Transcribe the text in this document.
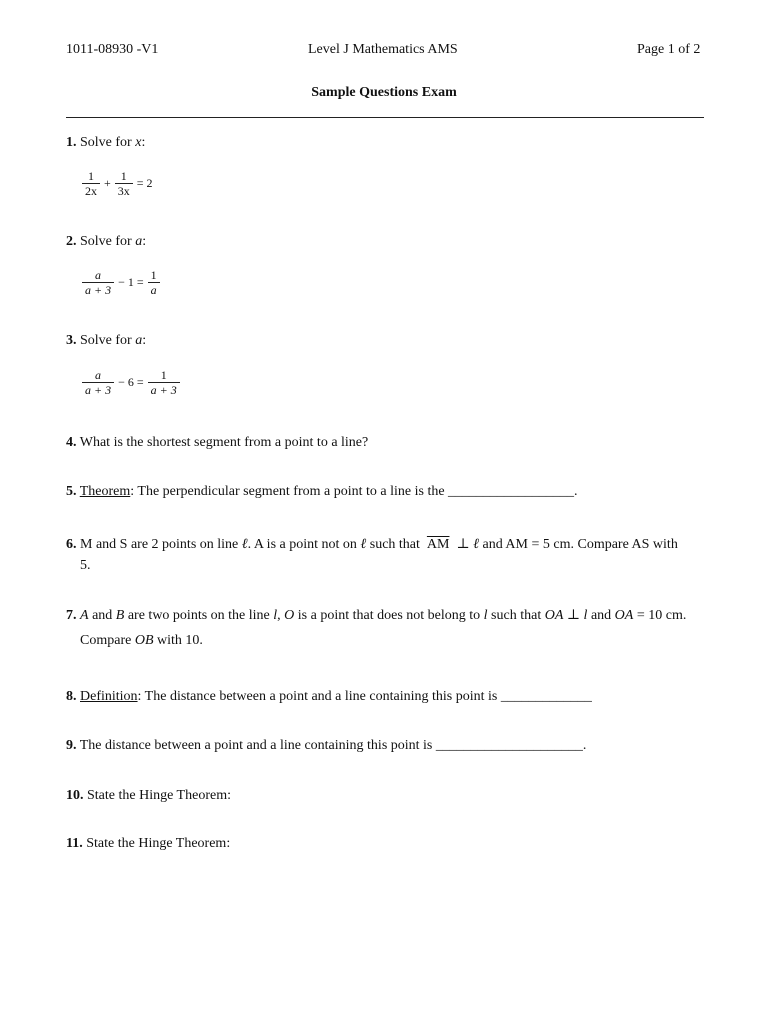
1011-08930 -V1	Level J Mathematics AMS	Page 1 of 2
Sample Questions Exam
1. Solve for x:
$\frac{1}{2x} + \frac{1}{3x} = 2$
2. Solve for a:
$\frac{a}{a + 3} - 1 = \frac{1}{a}$
3. Solve for a:
$\frac{a}{a + 3} - 6 = \frac{1}{a + 3}$
4. What is the shortest segment from a point to a line?
5. Theorem: The perpendicular segment from a point to a line is the __________________.
6. M and S are 2 points on line ℓ. A is a point not on ℓ such that  $\overline{AM}$ ⊥ ℓ and AM = 5 cm. Compare AS with
5.
7. A and B are two points on the line l, O is a point that does not belong to l such that OA ⊥ l and OA = 10 cm.
Compare OB with 10.
8. Definition: The distance between a point and a line containing this point is _____________
9. The distance between a point and a line containing this point is _____________________.
10. State the Hinge Theorem:
11. State the Hinge Theorem:
